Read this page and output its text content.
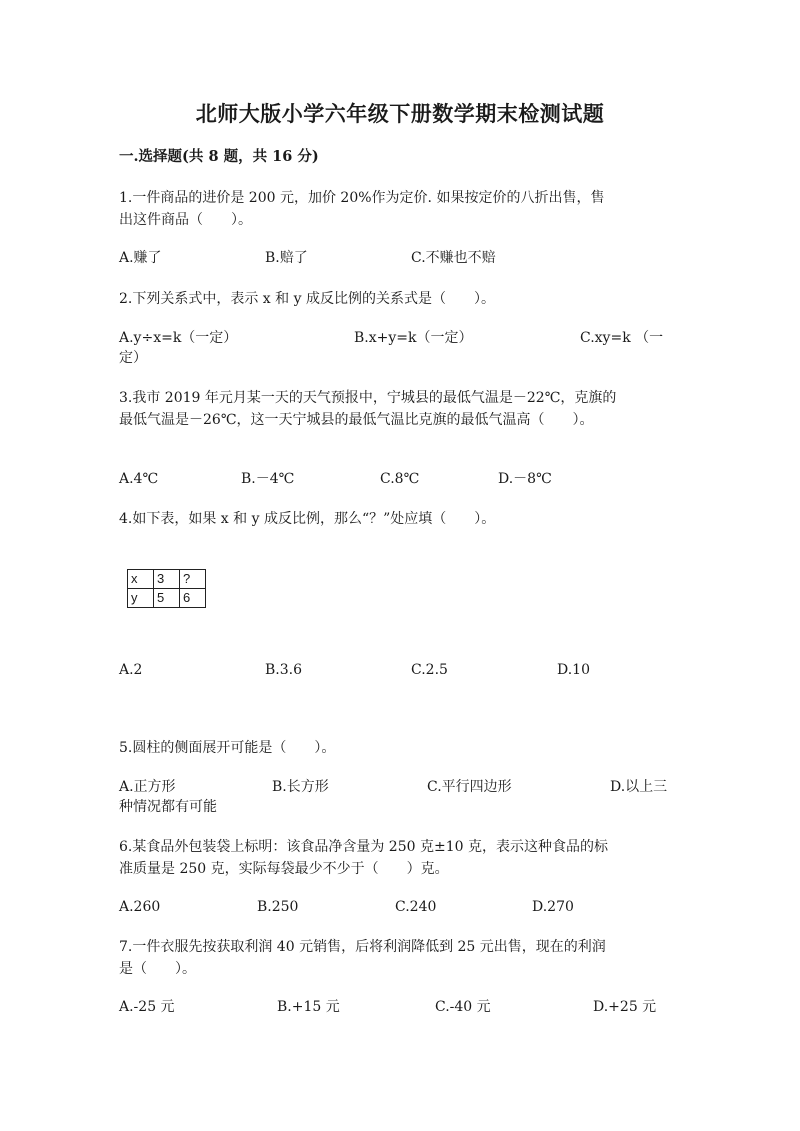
北师大版小学六年级下册数学期末检测试题
一.选择题(共 8 题，共 16 分)
1.一件商品的进价是 200 元，加价 20%作为定价. 如果按定价的八折出售，售
出这件商品（　　）。
A.赚了	B.赔了	C.不赚也不赔
2.下列关系式中，表示 x 和 y 成反比例的关系式是（　　）。
A.y÷x=k（一定）	B.x+y=k（一定）	C.xy=k （一
定）
3.我市 2019 年元月某一天的天气预报中，宁城县的最低气温是－22℃，克旗的
最低气温是－26℃，这一天宁城县的最低气温比克旗的最低气温高（　　）。
A.4℃	B.－4℃	C.8℃	D.－8℃
4.如下表，如果 x 和 y 成反比例，那么“？”处应填（　　）。
x	3	?
y	5	6
A.2	B.3.6	C.2.5	D.10
5.圆柱的侧面展开可能是（　　）。
A.正方形	B.长方形	C.平行四边形	D.以上三
种情况都有可能
6.某食品外包装袋上标明：该食品净含量为 250 克±10 克，表示这种食品的标
准质量是 250 克，实际每袋最少不少于（　　）克。
A.260	B.250	C.240	D.270
7.一件衣服先按获取利润 40 元销售，后将利润降低到 25 元出售，现在的利润
是（　　）。
A.-25 元	B.+15 元	C.-40 元	D.+25 元
